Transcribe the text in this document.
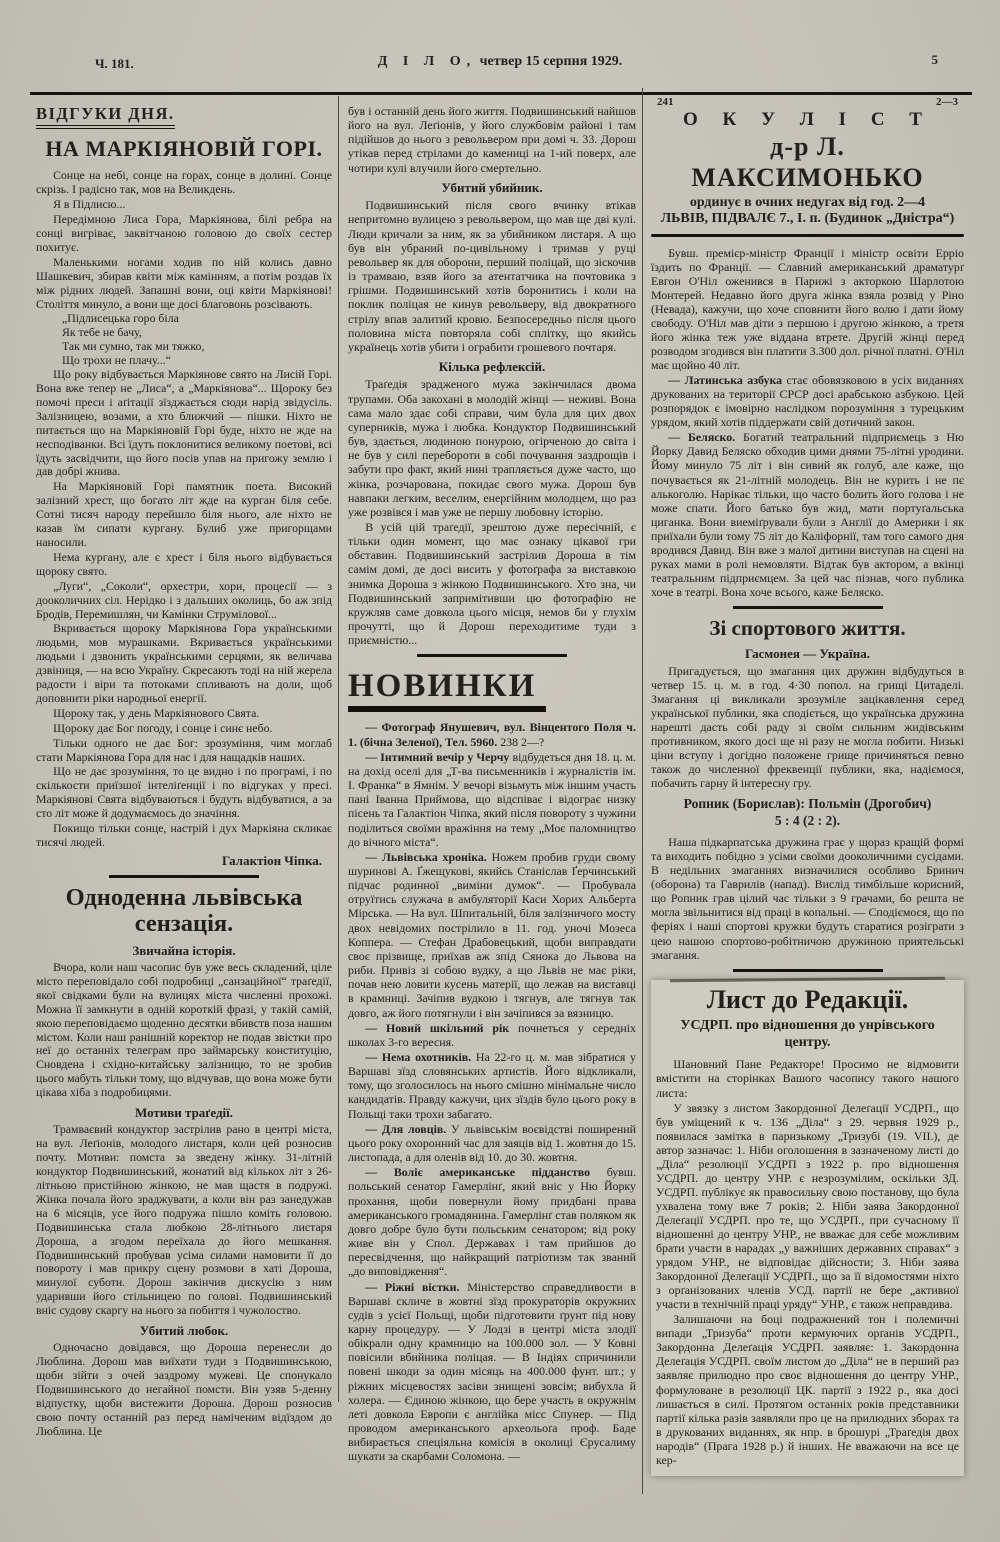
Ч. 181.	Д І Л О, четвер 15 серпня 1929.	5
ВІДГУКИ ДНЯ.
НА МАРКІЯНОВІЙ ГОРІ.

Сонце на небі, сонце на горах, сонце в долині. Сонце скрізь. І радісно так, мов на Великдень.

Я в Підлисю...

Передімною Лиса Гора, Маркіянова, білі ребра на сонці вигріває, заквітчаною головою до своїх сестер похитує.

Маленькими ногами ходив по ній колись давно Шашкевич, збирав квіти між камінням, а потім роздав їх між рідних людей. Запашні вони, оці квіти Маркіянові! Століття минуло, а вони ще досі благовонь розсівають.

„Підлисецька горо біла

Як тебе не бачу,

Так ми сумно, так ми тяжко,

Що трохи не плачу...“

Що року відбувається Маркіянове свято на Лисій Горі. Вона вже тепер не „Лиса“, а „Маркіянова“... Щороку без помочі преси і аґітації зїзджається сюди нарід звідусіль. Залізницею, возами, а хто ближчий — пішки. Ніхто не питається що на Маркіяновій Горі буде, ніхто не жде на несподіванки. Всі їдуть поклонитися великому поетові, всі їдуть засвідчити, що його посів упав на пригожу землю і дав добрі жнива.

На Маркіяновій Горі памятник поета. Високий залізний хрест, що богато літ жде на курган біля себе. Сотні тисяч народу перейшло біля нього, але ніхто не казав їм сипати кургану. Булиб уже пригорщами наносили.

Нема кургану, але є хрест і біля нього відбувається щороку свято.

„Луги“, „Соколи“, орхестри, хори, процесії — з дооколичних сіл. Нерідко і з дальших околиць, бо аж зпід Бродів, Перемишлян, чи Камінки Струмілової...

Вкривається щороку Маркіянова Гора українськими людьми, мов мурашками. Вкривається українськими людьми і дзвонить українськими серцями, як величава дзвіниця, — на всю Україну. Скресають тоді на ній жерела радости і віри та потоками спливають на доли, щоб доповнити ріки народньої енергії.

Щороку так, у день Маркіянового Свята.

Щороку дає Бог погоду, і сонце і синє небо.

Тільки одного не дає Бог: зрозуміння, чим моглаб стати Маркіянова Гора для нас і для нащадків наших.

Що не дає зрозуміння, то це видно і по програмі, і по скількости приїзшої інтеліґенції і по відгуках у пресі. Маркіянові Свята відбуваються і будуть відбуватися, а за сто літ може й додумаємось до значіння.

Покищо тільки сонце, настрій і дух Маркіяна скликає тисячі людей.

Галактіон Чіпка.
Одноденна львівська
сензація.
Звичайна історія.

Вчора, коли наш часопис був уже весь складений, ціле місто переповідало собі подробиці „санзаційної“ траґедії, якої свідками були на вулицях міста численні прохожі. Можна її замкнути в одній короткій фразі, у такій самій, якою переповідаємо щоденно десятки вбивств поза нашим містом. Коли наш ранішній коректор не подав звістки про неї до останніх телеграм про займарську конституцію, Сновдена і східно-китайську залізницю, то не зробив цього мабуть тільки тому, що відчував, що вона може бути цікава хіба з подробицями.

Мотиви траґедії.

Трамваєвий кондуктор застрілив рано в центрі міста, на вул. Леґіонів, молодого листаря, коли цей розносив почту. Мотиви: помста за зведену жінку. 31-літній кондуктор Подвишинський, жонатий від кількох літ з 26-літньою пристійною жінкою, не мав щастя в подружі. Жінка почала його зраджувати, а коли він раз занедужав на 6 місяців, усе його подружа пішло коміть головою. Подвишинська стала любкою 28-літнього листаря Дороша, а згодом переїхала до його мешкання. Подвишинський пробував усіма силами намовити її до повороту і мав прикру сцену розмови в хаті Дороша, минулої суботи. Дорош закінчив дискусію з ним ударивши його стільницею по голові. Подвишинський вніс судову скаргу на нього за побиття і чужолоство.

Убитий любок.

Одночасно довідався, що Дороша перенесли до Люблина. Дорош мав виїхати туди з Подвишинською, щоби зійти з очей заздрому мужеві. Це спонукало Подвишинського до негайної помсти. Він узяв 5-денну відпустку, щоби вистежити Дороша. Дорош розносив свою почту останній раз перед наміченим відїздом до Люблина. Це

був і останній день його життя. Подвишинський найшов його на вул. Леґіонів, у його службовім районі і там підійшов до нього з револьвером при домі ч. 33. Дорош утікав перед стрілами до камениці на 1-ий поверх, але чотири кулі влучили його смертельно.

Убитий убийник.

Подвишинський після свого вчинку втікав непритомно вулицею з револьвером, що мав ще дві кулі. Люди кричали за ним, як за убийником листаря. А що був він убраний по-цивільному і тримав у руці револьвер як для оборони, перший поліцай, що зіскочив із трамваю, взяв його за атентатчика на почтовика з грішми. Подвишинський хотів боронитись і коли на поклик поліцая не кинув револьверу, від двократного стрілу впав залитий кровю. Безпосередньо після цього половина міста повторяла собі сплітку, що якийсь українець хотів убити і ограбити грошевого почтаря.

Кілька рефлексій.

Траґедія зрадженого мужа закінчилася двома трупами. Оба закохані в молодій жінці — неживі. Вона сама мало здає собі справи, чим була для цих двох суперників, мужа і любка. Кондуктор Подвишинський був, здається, людиною понурою, огірченою до світа і не був у силі перебороти в собі почування заздрощів і забути про факт, який нині трапляється дуже часто, що жінка, розчарована, покидає свого мужа. Дорош був навпаки легким, веселим, енергійним молодцем, що раз уже розвівся і мав уже не першу любовну історію.

В усій цій траґедії, зрештою дуже пересічній, є тільки один момент, що має ознаку цікавої гри обставин. Подвишинський застрілив Дороша в тім самім домі, де досі висить у фотоґрафа за виставкою знимка Дороша з жінкою Подвишинського. Хто зна, чи Подвишинський запримітивши цю фотоґрафію не кружляв саме довкола цього місця, немов би у глухім прочутті, що й Дорош переходитиме туди з приємністю...

НОВИНКИ

— Фотограф Янушевич, вул. Вінцентого Поля ч. 1. (бічна Зеленої), Тел. 5960. 238 2—?

— Інтимний вечір у Черчу відбудеться дня 18. ц. м. на дохід оселі для „Т-ва письменників і журналістів ім. І. Франка“ в Ямнім. У вечорі візьмуть між іншим участь пані Іванна Приймова, що відспіває і відограє низку пісень та Галактіон Чіпка, який після повороту з чужини поділиться своїми вражіння на тему „Моє паломництво до вічного міста“.

— Львівська хроніка. Ножем пробив груди свому шуринові А. Ґжещукові, якийсь Станіслав Ґерчинський підчас родинної „виміни думок“. — Пробувала отруїтись служача в амбуляторії Каси Хорих Альберта Мірська. — На вул. Шпитальній, біля залізничого мосту двох невідомих пострілило в 11. год. уночі Мозеса Коппера. — Стефан Драбовецький, щоби виправдати своє прізвище, приїхав аж зпід Сянока до Львова на риби. Привіз зі собою вудку, а що Львів не має ріки, почав нею ловити кусень матерії, що лежав на виставці в крамниці. Зачіпив вудкою і тягнув, але тягнув так довго, аж його потягнули і він зачіпився за вязницю.

— Новий шкільний рік почнеться у середніх школах 3-го вересня.

— Нема охотників. На 22-го ц. м. мав зібратися у Варшаві зїзд словянських артистів. Його відкликали, тому, що зголосилось на нього смішно мінімальне число кандидатів. Правду кажучи, цих зїздів було цього року в Польщі таки трохи забагато.

— Для ловців. У львівськім воєвідстві поширений цього року охоронний час для заяців від 1. жовтня до 15. листопада, а для оленів від 10. до 30. жовтня.

— Воліє американське підданство бувш. польський сенатор Гамерлінґ, який вніс у Ню Йорку прохання, щоби повернули йому придбані права американського громадянина. Гамерлінґ став поляком як довго добре було бути польським сенатором; від року живе він у Спол. Державах і там прийшов до пересвідчення, що найкращий патріотизм так званий „до виповідження“.

— Ріжні вістки. Міністерство справедливости в Варшаві скличе в жовтні зїзд прокураторів окружних судів з усієї Польщі, щоби підготовити ґрунт під нову карну процедуру. — У Лодзі в центрі міста злодії обікрали одну крамницю на 100.000 зол. — У Ковні повісили вбийника поліцая. — В Індіях спричинили повені шкоди за один місяць на 400.000 фунт. шт.; у ріжних місцевостях засіви знищені зовсім; вибухла й холера. — Єдиною жінкою, що бере участь в окружнім леті довкола Европи є англійка місс Спунер. — Під проводом американського археольоґа проф. Баде вибирається спеціяльна комісія в околиці Єрусалиму шукати за скарбами Соломона. —

241	2—3
О К У Л І С Т
д-р Л. МАКСИМОНЬКО
ординує в очних недугах від год. 2—4
ЛЬВІВ, ПІДВАЛЄ 7., І. п. (Будинок „Дністра“)

Бувш. премієр-міністр Франції і міністр освіти Ерріо їздить по Франції. — Славний американський драматурґ Евгон О'Ніл оженився в Парижі з акторкою Шарлотою Монтерей. Недавно його друга жінка взяла розвід у Ріно (Невада), кажучи, що хоче сповнити його волю і дати йому свободу. О'Ніл мав діти з першою і другою жінкою, а третя його жінка теж уже віддана втрете. Другій жінці перед розводом згодився він платити 3.300 дол. річної платні. О'Ніл має щойно 40 літ.

— Латинська азбука стає обовязковою в усіх виданнях друкованих на території СРСР досі арабською азбукою. Цей розпорядок є імовірно наслідком порозуміння з турецьким урядом, який хотів піддержати свій дотичний закон.

— Беляско. Богатий театральний підприємець з Ню Йорку Давид Беляско обходив цими днями 75-літні уродини. Йому минуло 75 літ і він сивий як голуб, але каже, що почувається як 21-літній молодець. Він не курить і не пє алькоголю. Нарікає тільки, що часто болить його голова і не може спати. Його батько був жид, мати портуґальська циганка. Вони виеміґрували були з Анґлії до Америки і як приїхали були тому 75 літ до Каліфорнії, там того самого дня вродився Давид. Він вже з малої дитини виступав на сцені на руках мами в ролі немовляти. Відтак був актором, а вкінці театральним підприємцем. За цей час пізнав, чого публика хоче в театрі. Вона хоче всього, каже Беляско.

Зі спортового життя.
Гасмонея — Україна.

Пригадується, що змагання цих дружин відбудуться в четвер 15. ц. м. в год. 4·30 попол. на грищі Цитаделі. Змагання ці викликали зрозуміле зацікавлення серед української публики, яка сподіється, що українська дружина нарешті дасть собі раду зі своїм сильним жидівським противником, якого досі ще ні разу не могла побити. Низькі ціни вступу і догідно положене грище причиняться певно також до численної фреквенції публики, яка, надіємося, побачить гарну й інтересну гру.

Ропник (Борислав): Польмін (Дрогобич)
5 : 4 (2 : 2).

Наша підкарпатська дружина грає у щораз кращій формі та виходить побідно з усіми своїми дооколичними сусідами. В недільних змаганнях визначилися особливо Бринич (оборона) та Гаврилів (напад). Вислід тимбільше корисний, що Ропник грав цілий час тільки з 9 грачами, бо решта не могла звільнитися від праці в копальні. — Сподіємося, що по феріях і наші спортові кружки будуть старатися розіграти з цею нашою спортово-робітничою дружиною приятельські змагання.

Лист до Редакції.
УСДРП. про відношення до унрівського центру.

Шановний Пане Редакторе! Просимо не відмовити вмістити на сторінках Вашого часопису такого нашого листа:

У звязку з листом Закордонної Делеґації УСДРП., що був уміщений к ч. 136 „Діла“ з 29. червня 1929 р., появилася замітка в паризькому „Тризубі (19. VII.), де автор зазначає: 1. Ніби оголошення в зазначеному листі до „Діла“ резолюції УСДРП з 1922 р. про відношення УСДРП. до центру УНР. є незрозумілим, оскільки ЗД. УСДРП. публікує як правосильну свою постанову, що була ухвалена тому вже 7 років; 2. Ніби заява Закордонної Делеґації УСДРП. про те, що УСДРП., при сучасному її відношенні до центру УНР., не вважає для себе можливим брати участи в нарадах „у важніших державних справах“ з урядом УНР., не відповідає дійсности; 3. Ніби заява Закордонної Делеґації УСДРП., що за її відомостями ніхто з орґанізованих членів УСД. партії не бере „активної участи в технічній праці уряду“ УНР., є також неправдива.

Залишаючи на боці подражнений тон і полемичні випади „Тризуба“ проти кермуючих орґанів УСДРП., Закордонна Делеґація УСДРП. заявляє: 1. Закордонна Делеґація УСДРП. своїм листом до „Діла“ не в перший раз заявляє прилюдно про своє відношення до центру УНР., формуловане в резолюції ЦК. партії з 1922 р., яка досі лишається в силі. Протягом останніх років представники партії кілька разів заявляли про це на прилюдних зборах та в друкованих виданнях, як нпр. в брошурі „Траґедія двох народів“ (Прага 1928 р.) й інших. Не вважаючи на все це кер-
